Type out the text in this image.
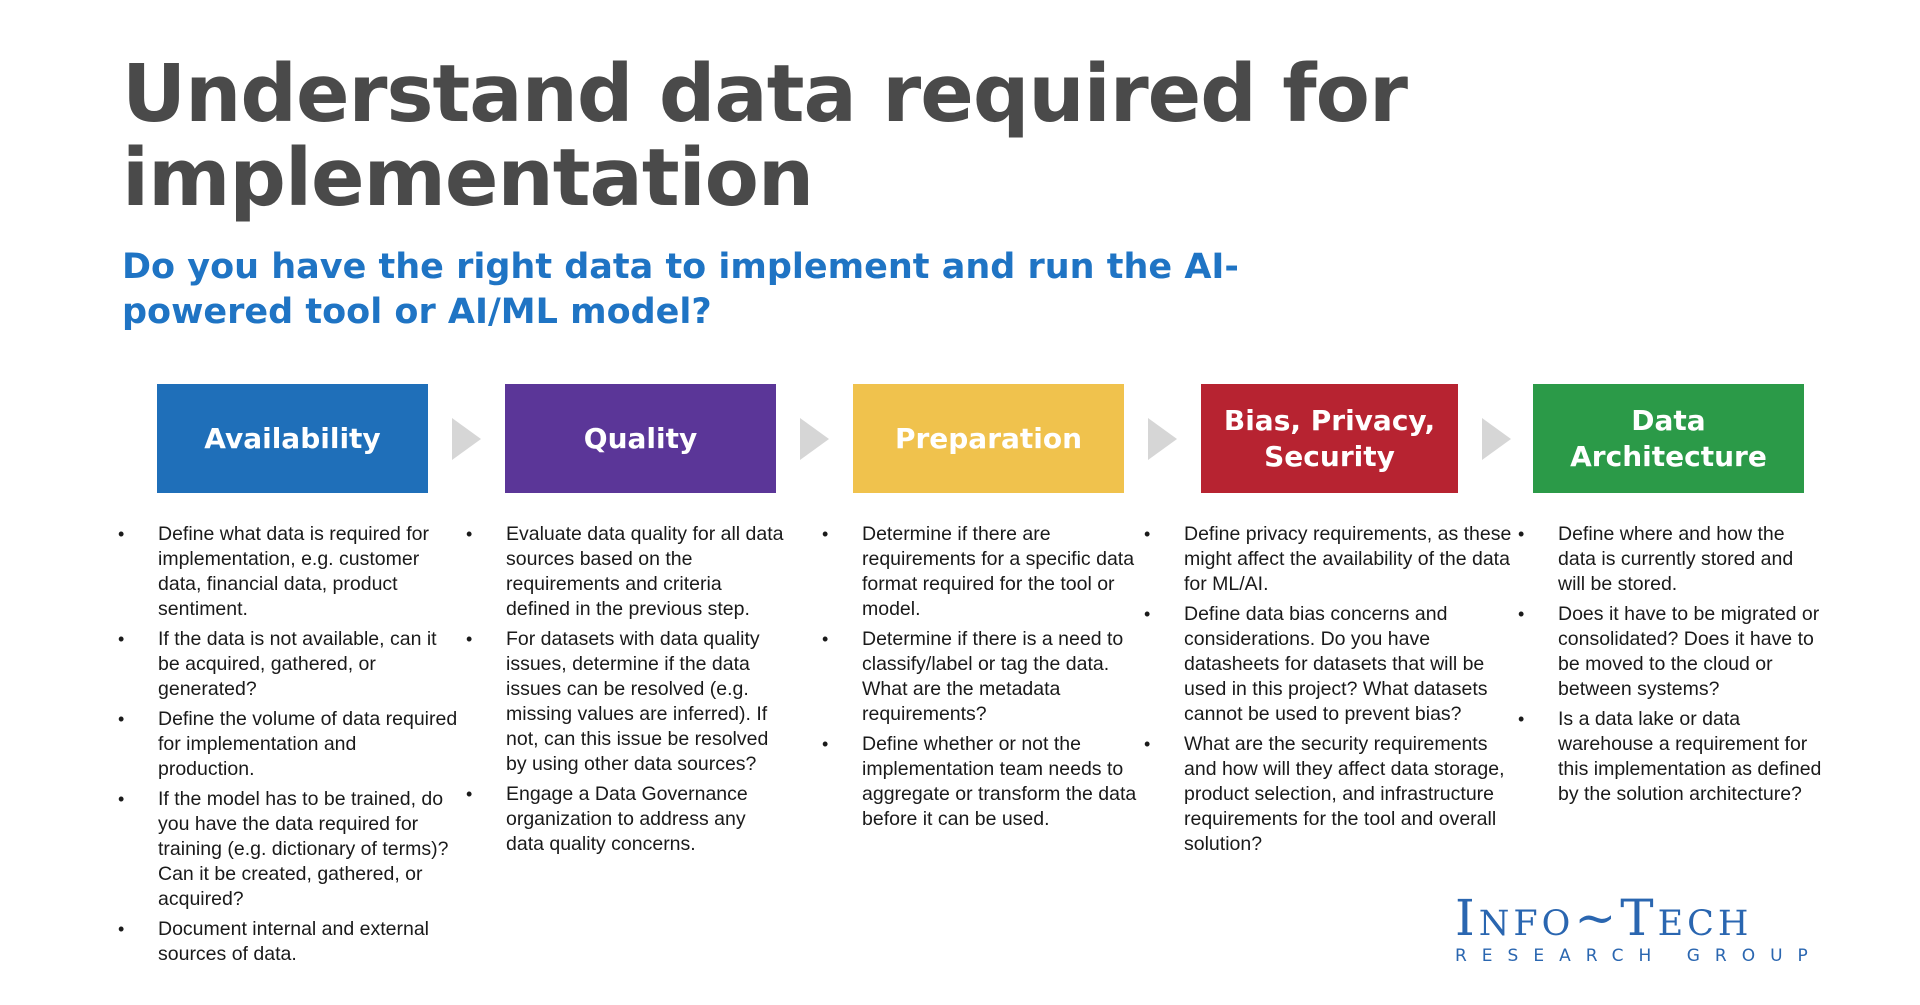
Understand data required for implementation
Do you have the right data to implement and run the AI-powered tool or AI/ML model?
Availability	Quality	Preparation
Bias, Privacy, Security
Data Architecture
• Define what data is required for implementation, e.g. customer data, financial data, product sentiment.
• If the data is not available, can it be acquired, gathered, or generated?
• Define the volume of data required for implementation and production.
• If the model has to be trained, do you have the data required for training (e.g. dictionary of terms)? Can it be created, gathered, or acquired?
• Document internal and external sources of data.
• Evaluate data quality for all data sources based on the requirements and criteria defined in the previous step.
• For datasets with data quality issues, determine if the data issues can be resolved (e.g. missing values are inferred). If not, can this issue be resolved by using other data sources?
• Engage a Data Governance organization to address any data quality concerns.
• Determine if there are requirements for a specific data format required for the tool or model.
• Determine if there is a need to classify/label or tag the data. What are the metadata requirements?
• Define whether or not the implementation team needs to aggregate or transform the data before it can be used.
• Define privacy requirements, as these might affect the availability of the data for ML/AI.
• Define data bias concerns and considerations. Do you have datasheets for datasets that will be used in this project? What datasets cannot be used to prevent bias?
• What are the security requirements and how will they affect data storage, product selection, and infrastructure requirements for the tool and overall solution?
• Define where and how the data is currently stored and will be stored.
• Does it have to be migrated or consolidated? Does it have to be moved to the cloud or between systems?
• Is a data lake or data warehouse a requirement for this implementation as defined by the solution architecture?
Info~Tech
RESEARCH GROUP
